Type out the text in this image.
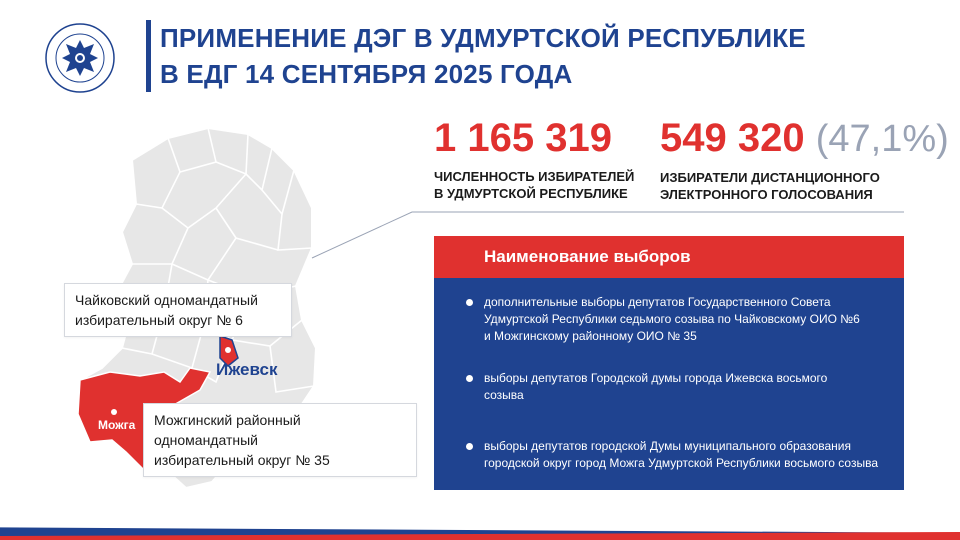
ПРИМЕНЕНИЕ ДЭГ В УДМУРТСКОЙ РЕСПУБЛИКЕ
В ЕДГ 14 СЕНТЯБРЯ 2025 ГОДА
1 165 319
ЧИСЛЕННОСТЬ ИЗБИРАТЕЛЕЙ
В УДМУРТСКОЙ РЕСПУБЛИКЕ
549 320 (47,1%)
ИЗБИРАТЕЛИ ДИСТАНЦИОННОГО
ЭЛЕКТРОННОГО ГОЛОСОВАНИЯ
Ижевск
Можга
Чайковский одномандатный
избирательный округ № 6
Можгинский районный одномандатный
избирательный округ № 35
Наименование выборов
дополнительные выборы депутатов Государственного Совета
Удмуртской Республики седьмого созыва по Чайковскому ОИО №6
и Можгинскому районному ОИО № 35
выборы депутатов Городской думы города Ижевска восьмого
созыва
выборы депутатов городской Думы муниципального образования
городской округ город Можга Удмуртской Республики восьмого созыва
